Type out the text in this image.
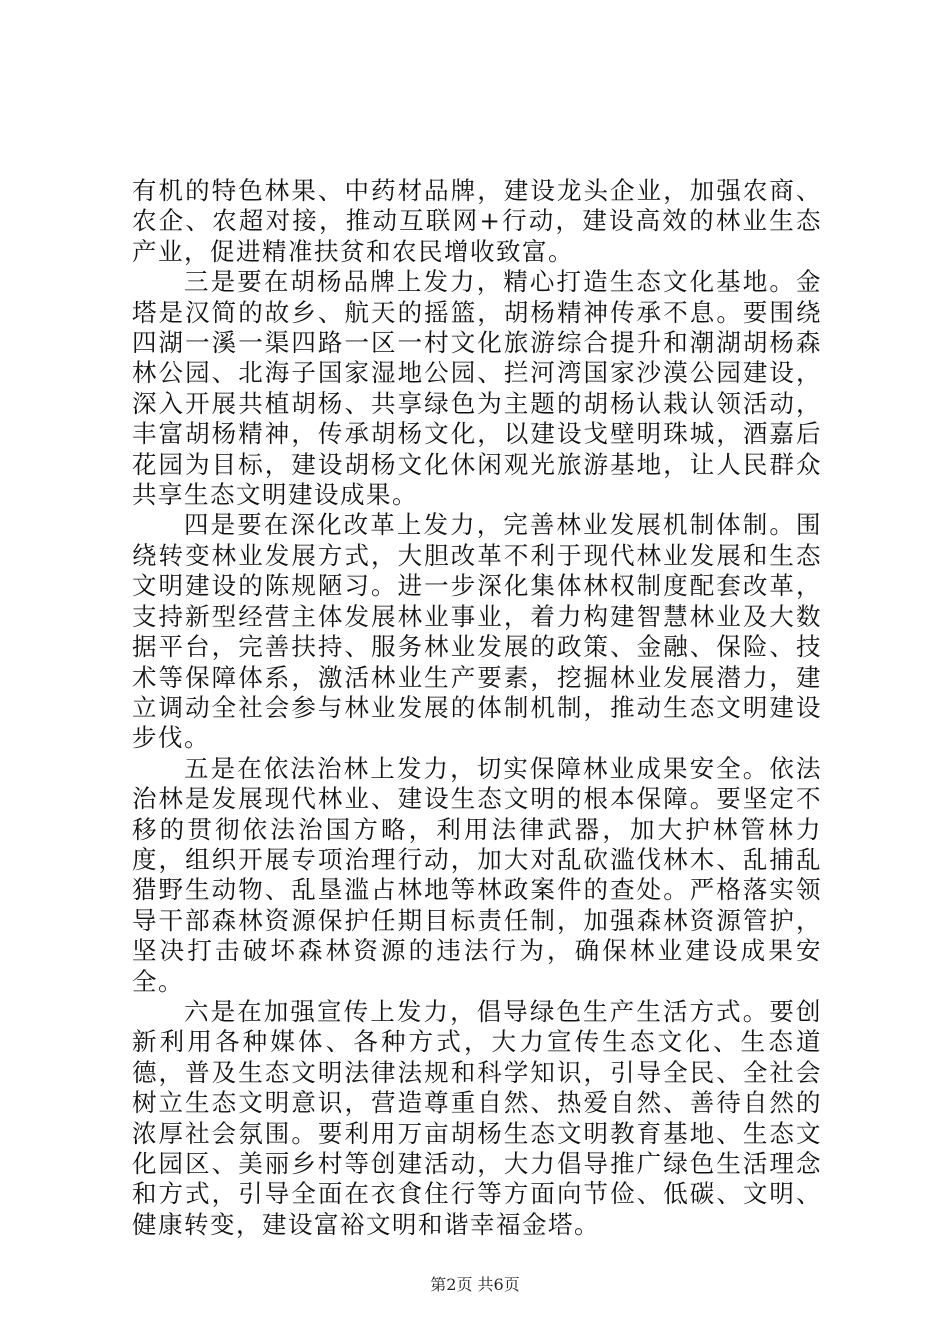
有机的特色林果、中药材品牌，建设龙头企业，加强农商、农企、农超对接，推动互联网+行动，建设高效的林业生态产业，促进精准扶贫和农民增收致富。

三是要在胡杨品牌上发力，精心打造生态文化基地。金塔是汉简的故乡、航天的摇篮，胡杨精神传承不息。要围绕四湖一溪一渠四路一区一村文化旅游综合提升和潮湖胡杨森林公园、北海子国家湿地公园、拦河湾国家沙漠公园建设，深入开展共植胡杨、共享绿色为主题的胡杨认栽认领活动，丰富胡杨精神，传承胡杨文化，以建设戈壁明珠城，酒嘉后花园为目标，建设胡杨文化休闲观光旅游基地，让人民群众共享生态文明建设成果。

四是要在深化改革上发力，完善林业发展机制体制。围绕转变林业发展方式，大胆改革不利于现代林业发展和生态文明建设的陈规陋习。进一步深化集体林权制度配套改革，支持新型经营主体发展林业事业，着力构建智慧林业及大数据平台，完善扶持、服务林业发展的政策、金融、保险、技术等保障体系，激活林业生产要素，挖掘林业发展潜力，建立调动全社会参与林业发展的体制机制，推动生态文明建设步伐。

五是在依法治林上发力，切实保障林业成果安全。依法治林是发展现代林业、建设生态文明的根本保障。要坚定不移的贯彻依法治国方略，利用法律武器，加大护林管林力度，组织开展专项治理行动，加大对乱砍滥伐林木、乱捕乱猎野生动物、乱垦滥占林地等林政案件的查处。严格落实领导干部森林资源保护任期目标责任制，加强森林资源管护，坚决打击破坏森林资源的违法行为，确保林业建设成果安全。

六是在加强宣传上发力，倡导绿色生产生活方式。要创新利用各种媒体、各种方式，大力宣传生态文化、生态道德，普及生态文明法律法规和科学知识，引导全民、全社会树立生态文明意识，营造尊重自然、热爱自然、善待自然的浓厚社会氛围。要利用万亩胡杨生态文明教育基地、生态文化园区、美丽乡村等创建活动，大力倡导推广绿色生活理念和方式，引导全面在衣食住行等方面向节俭、低碳、文明、健康转变，建设富裕文明和谐幸福金塔。

第2页 共6页
